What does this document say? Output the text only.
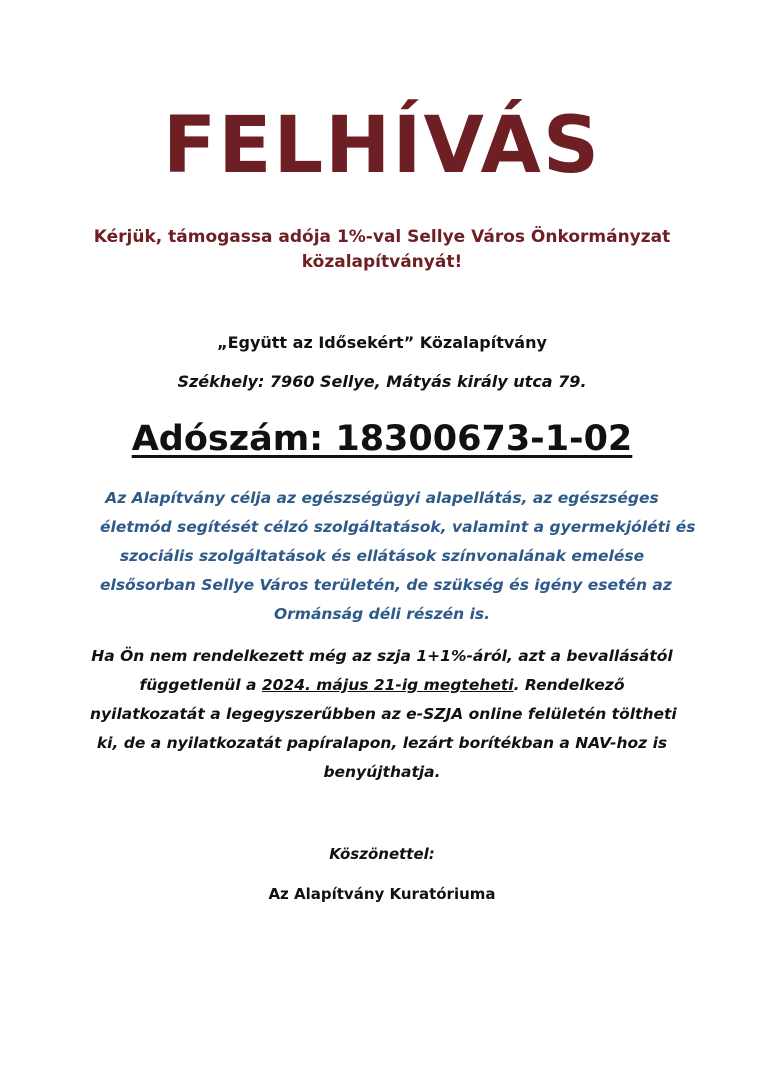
FELHÍVÁS
Kérjük, támogassa adója 1%-val Sellye Város Önkormányzat
közalapítványát!
„Együtt az Idősekért” Közalapítvány
Székhely: 7960 Sellye, Mátyás király utca 79.
Adószám: 18300673-1-02
Az Alapítvány célja az egészségügyi alapellátás, az egészséges
életmód segítését célzó szolgáltatások, valamint a gyermekjóléti és
szociális szolgáltatások és ellátások színvonalának emelése
elsősorban Sellye Város területén, de szükség és igény esetén az
Ormánság déli részén is.
Ha Ön nem rendelkezett még az szja 1+1%-áról, azt a bevallásától
függetlenül a 2024. május 21-ig megteheti. Rendelkező
nyilatkozatát a legegyszerűbben az e-SZJA online felületén töltheti
ki, de a nyilatkozatát papíralapon, lezárt borítékban a NAV-hoz is
benyújthatja.
Köszönettel:
Az Alapítvány Kuratóriuma
